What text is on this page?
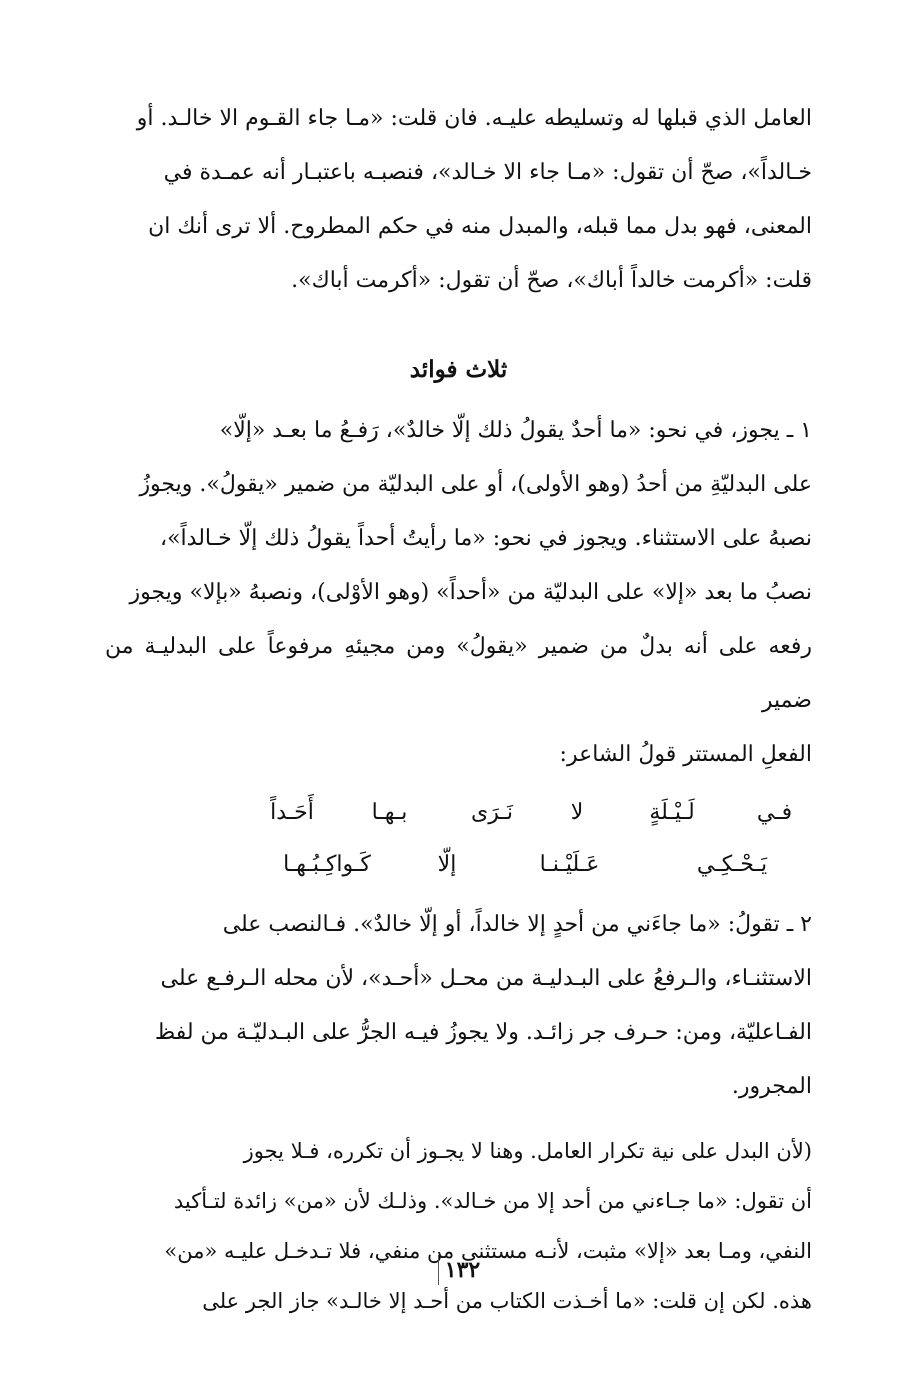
العامل الذي قبلها له وتسليطه عليـه. فان قلت: «مـا جاء القـوم الا خالـد. أو

خـالداً»، صحّ أن تقول: «مـا جاء الا خـالد»، فنصبـه باعتبـار أنه عمـدة في

المعنى، فهو بدل مما قبله، والمبدل منه في حكم المطروح. ألا ترى أنك ان

قلت: «أكرمت خالداً أباك»، صحّ أن تقول: «أكرمت أباك».

ثلاث فوائد

١ ـ يجوز، في نحو: «ما أحدٌ يقولُ ذلك إلّا خالدٌ»، رَفـعُ ما بعـد «إلّا»

على البدليّةِ من أحدُ (وهو الأولى)، أو على البدليّة من ضمير «يقولُ». ويجوزُ

نصبهُ على الاستثناء. ويجوز في نحو: «ما رأيتُ أحداً يقولُ ذلك إلّا خـالداً»،

نصبُ ما بعد «إلا» على البدليّة من «أحداً» (وهو الأوْلى)، ونصبهُ «بإلا» ويجوز

رفعه على أنه بدلٌ من ضمير «يقولُ» ومن مجيئهِ مرفوعاً على البدليـة من ضمير

الفعلِ المستتر قولُ الشاعر:

فـي
لَـيْـلَةٍ
لا
نَـرَى
بـهـا
أَحَـداً
يَـحْـكِـي
عَـلَيْـنـا
إلّا
كَـواكِـبُـهـا

٢ ـ تقولُ: «ما جاءَني من أحدٍ إلا خالداً، أو إلّا خالدٌ». فـالنصب على

الاستثنـاء، والـرفعُ على البـدليـة من محـل «أحـد»، لأن محله الـرفـع على

الفـاعليّة، ومن: حـرف جر زائـد. ولا يجوزُ فيـه الجرُّ على البـدليّـة من لفظ

المجرور.

(لأن البدل على نية تكرار العامل. وهنا لا يجـوز أن تكرره، فـلا يجوز

أن تقول: «ما جـاءني من أحد إلا من خـالد». وذلـك لأن «من» زائدة لتـأكيد

النفي، ومـا بعد «إلا» مثبت، لأنـه مستثنى من منفي، فلا تـدخـل عليـه «من»

هذه. لكن إن قلت: «ما أخـذت الكتاب من أحـد إلا خالـد» جاز الجر على

١٣٢
